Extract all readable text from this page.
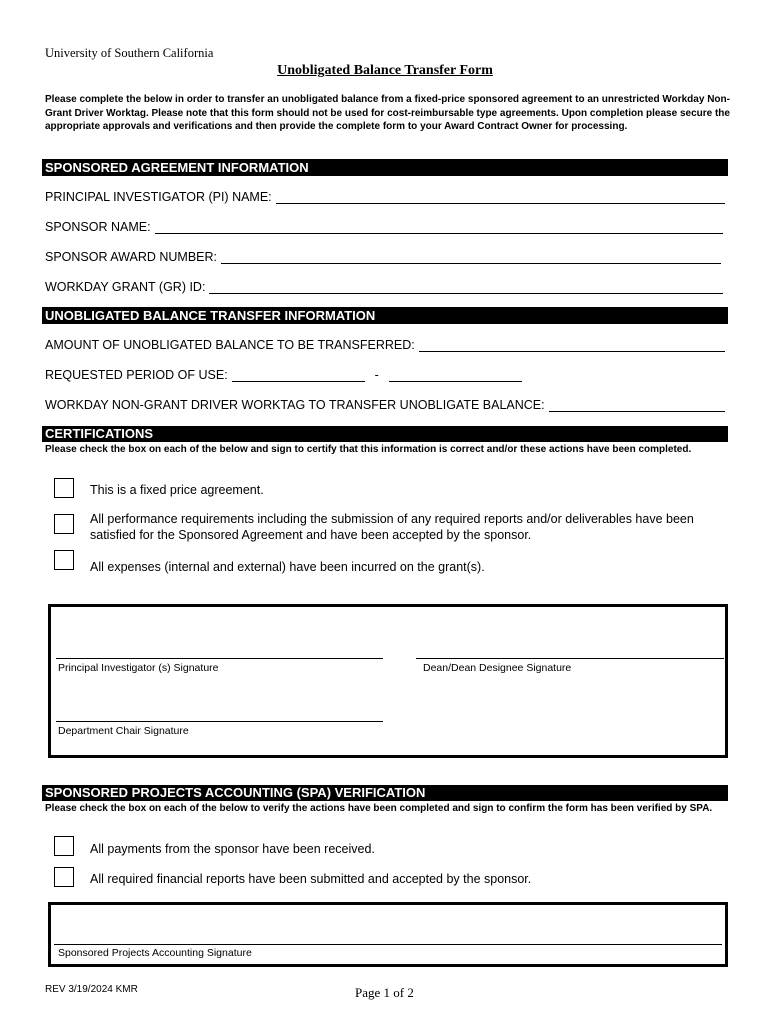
University of Southern California
Unobligated Balance Transfer Form
Please complete the below in order to transfer an unobligated balance from a fixed-price sponsored agreement to an unrestricted Workday Non-Grant Driver Worktag. Please note that this form should not be used for cost-reimbursable type agreements. Upon completion please secure the appropriate approvals and verifications and then provide the complete form to your Award Contract Owner for processing.
SPONSORED AGREEMENT INFORMATION
PRINCIPAL INVESTIGATOR (PI) NAME:
SPONSOR NAME:
SPONSOR AWARD NUMBER:
WORKDAY GRANT (GR) ID:
UNOBLIGATED BALANCE TRANSFER INFORMATION
AMOUNT OF UNOBLIGATED BALANCE TO BE TRANSFERRED:
REQUESTED PERIOD OF USE:	-
WORKDAY NON-GRANT DRIVER WORKTAG TO TRANSFER UNOBLIGATE BALANCE:
CERTIFICATIONS
Please check the box on each of the below and sign to certify that this information is correct and/or these actions have been completed.
This is a fixed price agreement.
All performance requirements including the submission of any required reports and/or deliverables have been satisfied for the Sponsored Agreement and have been accepted by the sponsor.
All expenses (internal and external) have been incurred on the grant(s).
Principal Investigator (s) Signature	Dean/Dean Designee Signature
Department Chair Signature
SPONSORED PROJECTS ACCOUNTING (SPA) VERIFICATION
Please check the box on each of the below to verify the actions have been completed and sign to confirm the form has been verified by SPA.
All payments from the sponsor have been received.
All required financial reports have been submitted and accepted by the sponsor.
Sponsored Projects Accounting Signature
REV 3/19/2024 KMR	Page 1 of 2
